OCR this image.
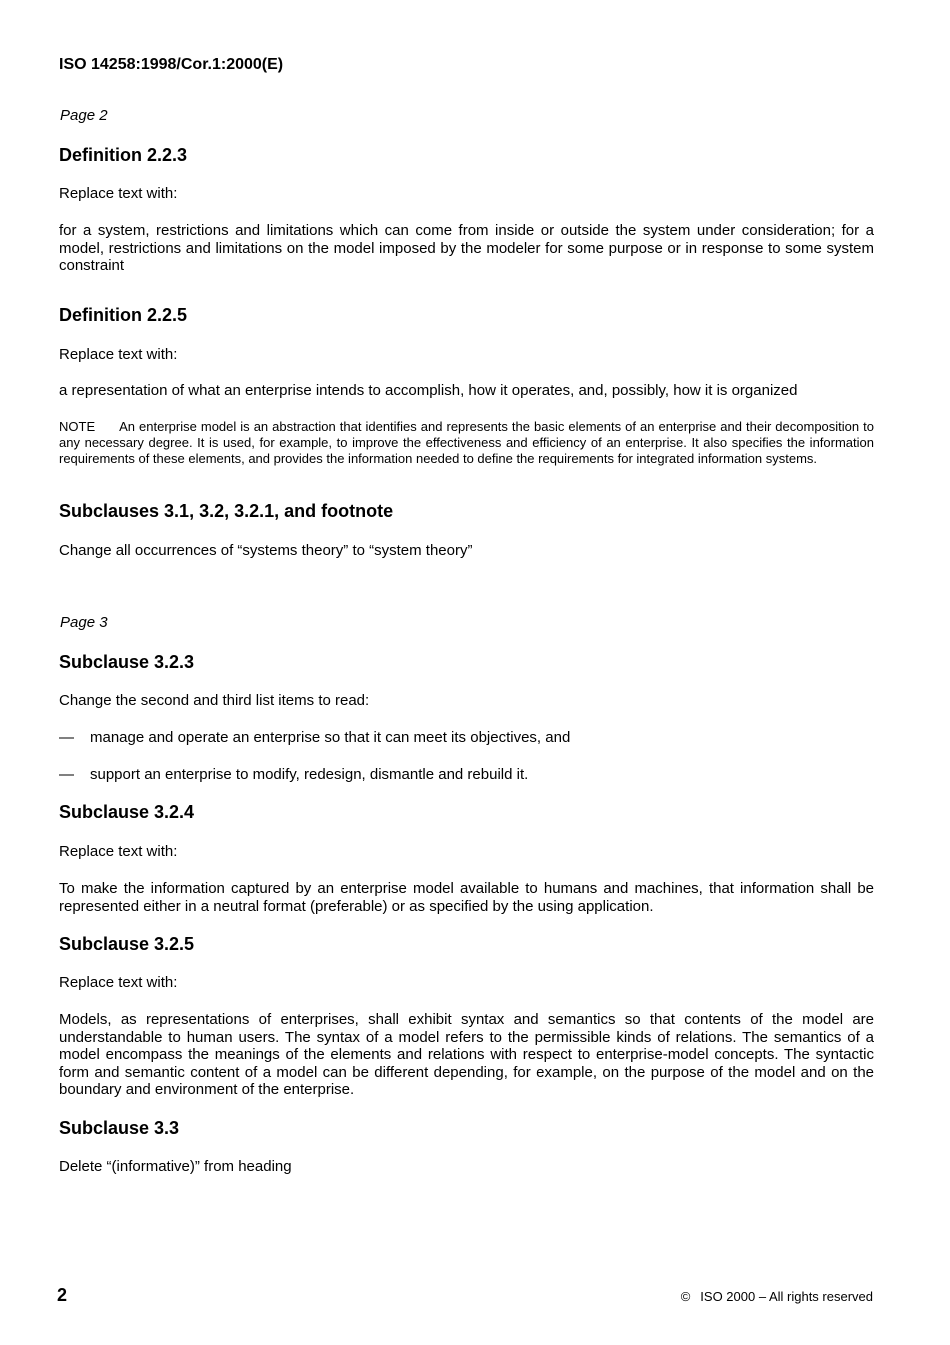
ISO 14258:1998/Cor.1:2000(E)
Page 2
Definition 2.2.3
Replace text with:
for a system, restrictions and limitations which can come from inside or outside the system under consideration; for a model, restrictions and limitations on the model imposed by the modeler for some purpose or in response to some system constraint
Definition 2.2.5
Replace text with:
a representation of what an enterprise intends to accomplish, how it operates, and, possibly, how it is organized
NOTE An enterprise model is an abstraction that identifies and represents the basic elements of an enterprise and their decomposition to any necessary degree. It is used, for example, to improve the effectiveness and efficiency of an enterprise. It also specifies the information requirements of these elements, and provides the information needed to define the requirements for integrated information systems.
Subclauses 3.1, 3.2, 3.2.1, and footnote
Change all occurrences of “systems theory” to “system theory”
Page 3
Subclause 3.2.3
Change the second and third list items to read:
— manage and operate an enterprise so that it can meet its objectives, and
— support an enterprise to modify, redesign, dismantle and rebuild it.
Subclause 3.2.4
Replace text with:
To make the information captured by an enterprise model available to humans and machines, that information shall be represented either in a neutral format (preferable) or as specified by the using application.
Subclause 3.2.5
Replace text with:
Models, as representations of enterprises, shall exhibit syntax and semantics so that contents of the model are understandable to human users. The syntax of a model refers to the permissible kinds of relations. The semantics of a model encompass the meanings of the elements and relations with respect to enterprise-model concepts. The syntactic form and semantic content of a model can be different depending, for example, on the purpose of the model and on the boundary and environment of the enterprise.
Subclause 3.3
Delete “(informative)” from heading
2	© ISO 2000 – All rights reserved
